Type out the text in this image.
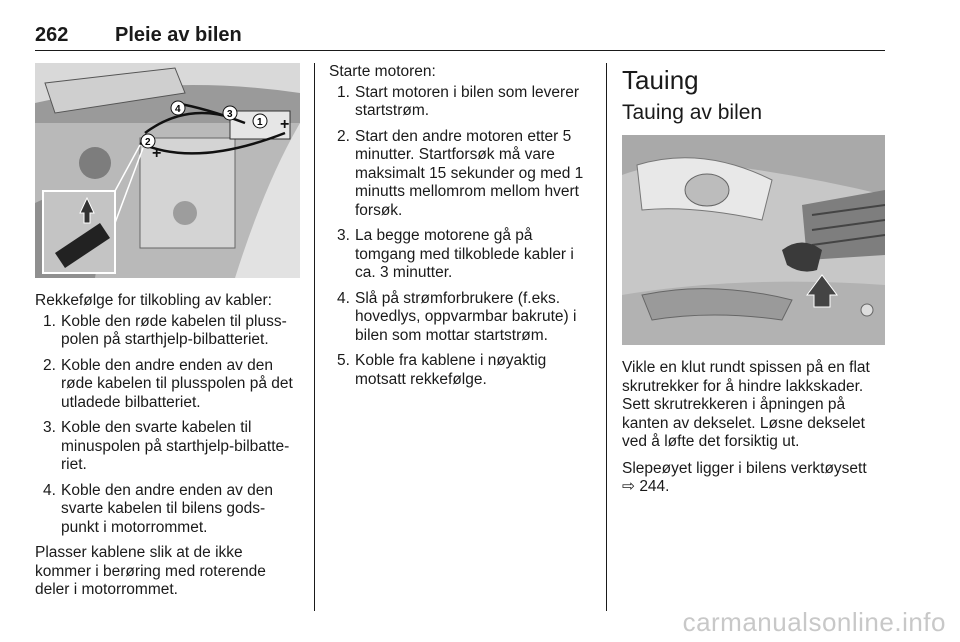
262 Pleie av bilen
1
2
3
4
+
+

Rekkefølge for tilkobling av kabler:

1. Koble den røde kabelen til pluss-polen på starthjelp-bilbatteriet.
2. Koble den andre enden av den røde kabelen til plusspolen på det utladede bilbatteriet.
3. Koble den svarte kabelen til minuspolen på starthjelp-bilbatte-riet.
4. Koble den andre enden av den svarte kabelen til bilens gods-punkt i motorrommet.

Plasser kablene slik at de ikke kommer i berøring med roterende deler i motorrommet.

Starte motoren:

1. Start motoren i bilen som leverer startstrøm.
2. Start den andre motoren etter 5 minutter. Startforsøk må vare maksimalt 15 sekunder og med 1 minutts mellomrom mellom hvert forsøk.
3. La begge motorene gå på tomgang med tilkoblede kabler i ca. 3 minutter.
4. Slå på strømforbrukere (f.eks. hovedlys, oppvarmbar bakrute) i bilen som mottar startstrøm.
5. Koble fra kablene i nøyaktig motsatt rekkefølge.
Tauing
Tauing av bilen

Vikle en klut rundt spissen på en flat skrutrekker for å hindre lakkskader. Sett skrutrekkeren i åpningen på kanten av dekselet. Løsne dekselet ved å løfte det forsiktig ut.

Slepeøyet ligger i bilens verktøysett

⇨ 244.

carmanualsonline.info
